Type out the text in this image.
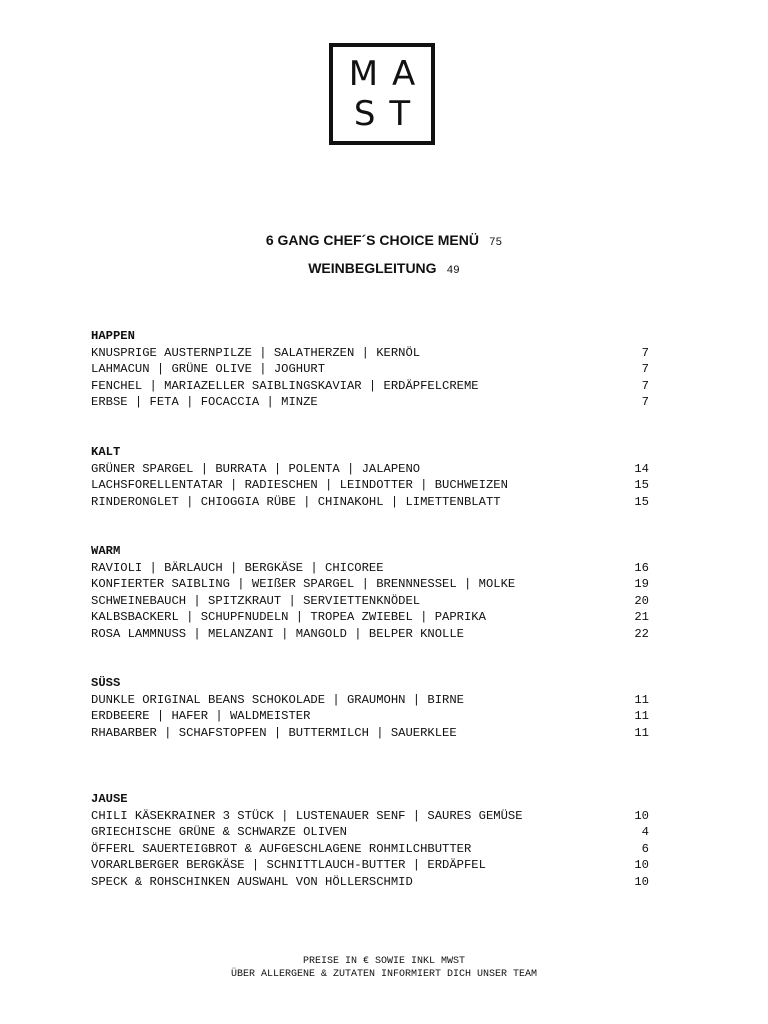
MA
ST
6 GANG CHEF´S CHOICE MENÜ 75
WEINBEGLEITUNG 49
HAPPEN
KNUSPRIGE AUSTERNPILZE | SALATHERZEN | KERNÖL	7
LAHMACUN | GRÜNE OLIVE | JOGHURT	7
FENCHEL | MARIAZELLER SAIBLINGSKAVIAR | ERDÄPFELCREME	7
ERBSE | FETA | FOCACCIA | MINZE	7
KALT
GRÜNER SPARGEL | BURRATA | POLENTA | JALAPENO	14
LACHSFORELLENTATAR | RADIESCHEN | LEINDOTTER | BUCHWEIZEN	15
RINDERONGLET | CHIOGGIA RÜBE | CHINAKOHL | LIMETTENBLATT	15
WARM
RAVIOLI | BÄRLAUCH | BERGKÄSE | CHICOREE	16
KONFIERTER SAIBLING | WEIßER SPARGEL | BRENNNESSEL | MOLKE	19
SCHWEINEBAUCH | SPITZKRAUT | SERVIETTENKNÖDEL	20
KALBSBACKERL | SCHUPFNUDELN | TROPEA ZWIEBEL | PAPRIKA	21
ROSA LAMMNUSS | MELANZANI | MANGOLD | BELPER KNOLLE	22
SÜSS
DUNKLE ORIGINAL BEANS SCHOKOLADE | GRAUMOHN | BIRNE	11
ERDBEERE | HAFER | WALDMEISTER	11
RHABARBER | SCHAFSTOPFEN | BUTTERMILCH | SAUERKLEE	11
JAUSE
CHILI KÄSEKRAINER 3 STÜCK | LUSTENAUER SENF | SAURES GEMÜSE	10
GRIECHISCHE GRÜNE & SCHWARZE OLIVEN	4
ÖFFERL SAUERTEIGBROT & AUFGESCHLAGENE ROHMILCHBUTTER	6
VORARLBERGER BERGKÄSE | SCHNITTLAUCH-BUTTER | ERDÄPFEL	10
SPECK & ROHSCHINKEN AUSWAHL VON HÖLLERSCHMID	10
PREISE IN € SOWIE INKL MWST
ÜBER ALLERGENE & ZUTATEN INFORMIERT DICH UNSER TEAM
